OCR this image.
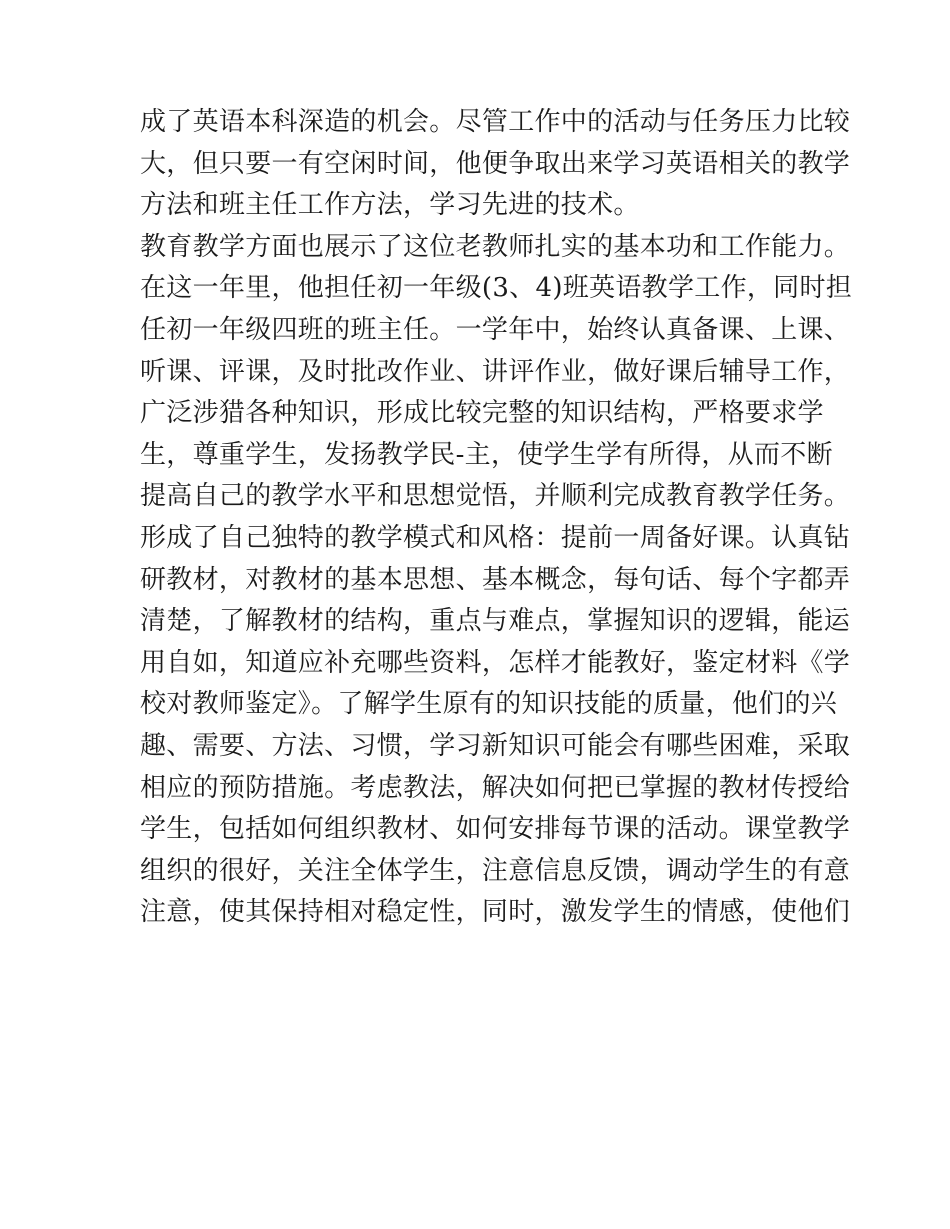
成了英语本科深造的机会。尽管工作中的活动与任务压力比较
大，但只要一有空闲时间，他便争取出来学习英语相关的教学
方法和班主任工作方法，学习先进的技术。
教育教学方面也展示了这位老教师扎实的基本功和工作能力。
在这一年里，他担任初一年级(3、4)班英语教学工作，同时担
任初一年级四班的班主任。一学年中，始终认真备课、上课、
听课、评课，及时批改作业、讲评作业，做好课后辅导工作，
广泛涉猎各种知识，形成比较完整的知识结构，严格要求学
生，尊重学生，发扬教学民-主，使学生学有所得，从而不断
提高自己的教学水平和思想觉悟，并顺利完成教育教学任务。
形成了自己独特的教学模式和风格：提前一周备好课。认真钻
研教材，对教材的基本思想、基本概念，每句话、每个字都弄
清楚，了解教材的结构，重点与难点，掌握知识的逻辑，能运
用自如，知道应补充哪些资料，怎样才能教好，鉴定材料《学
校对教师鉴定》。了解学生原有的知识技能的质量，他们的兴
趣、需要、方法、习惯，学习新知识可能会有哪些困难，采取
相应的预防措施。考虑教法，解决如何把已掌握的教材传授给
学生，包括如何组织教材、如何安排每节课的活动。课堂教学
组织的很好，关注全体学生，注意信息反馈，调动学生的有意
注意，使其保持相对稳定性，同时，激发学生的情感，使他们
